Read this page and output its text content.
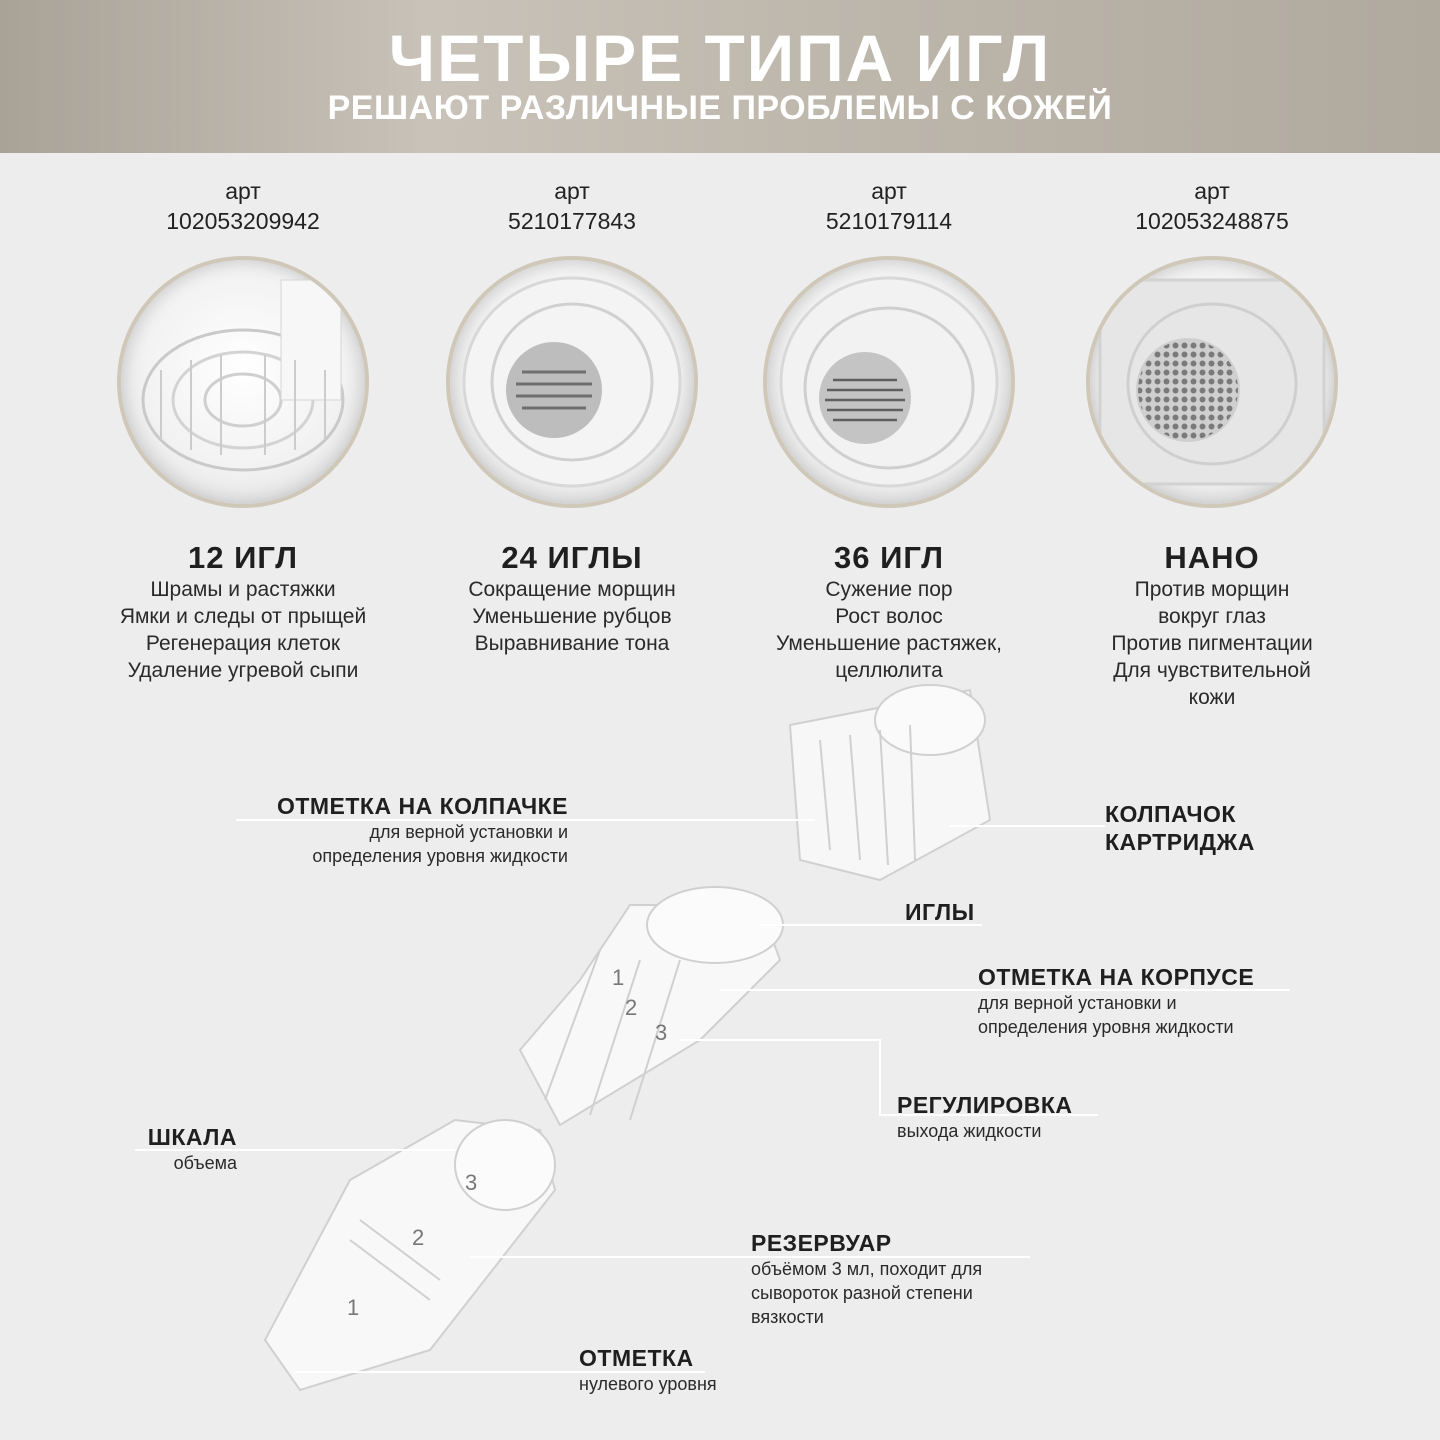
ЧЕТЫРЕ ТИПА ИГЛ
РЕШАЮТ РАЗЛИЧНЫЕ ПРОБЛЕМЫ С КОЖЕЙ
арт
102053209942
12 ИГЛ
Шрамы и растяжки
Ямки и следы от прыщей
Регенерация клеток
Удаление угревой сыпи
арт
5210177843
24 ИГЛЫ
Сокращение морщин
Уменьшение рубцов
Выравнивание тона
арт
5210179114
36 ИГЛ
Сужение пор
Рост волос
Уменьшение растяжек,
целлюлита
арт
102053248875
НАНО
Против морщин
вокруг глаз
Против пигментации
Для чувствительной
кожи
3
2
1
1
2
3
ОТМЕТКА НА КОЛПАЧКЕ
для верной установки и
определения уровня жидкости
КОЛПАЧОК
КАРТРИДЖА
ИГЛЫ
ОТМЕТКА НА КОРПУСЕ
для верной установки и
определения уровня жидкости
РЕГУЛИРОВКА
выхода жидкости
ШКАЛА
объема
РЕЗЕРВУАР
объёмом 3 мл, походит для
сывороток разной степени
вязкости
ОТМЕТКА
нулевого уровня
